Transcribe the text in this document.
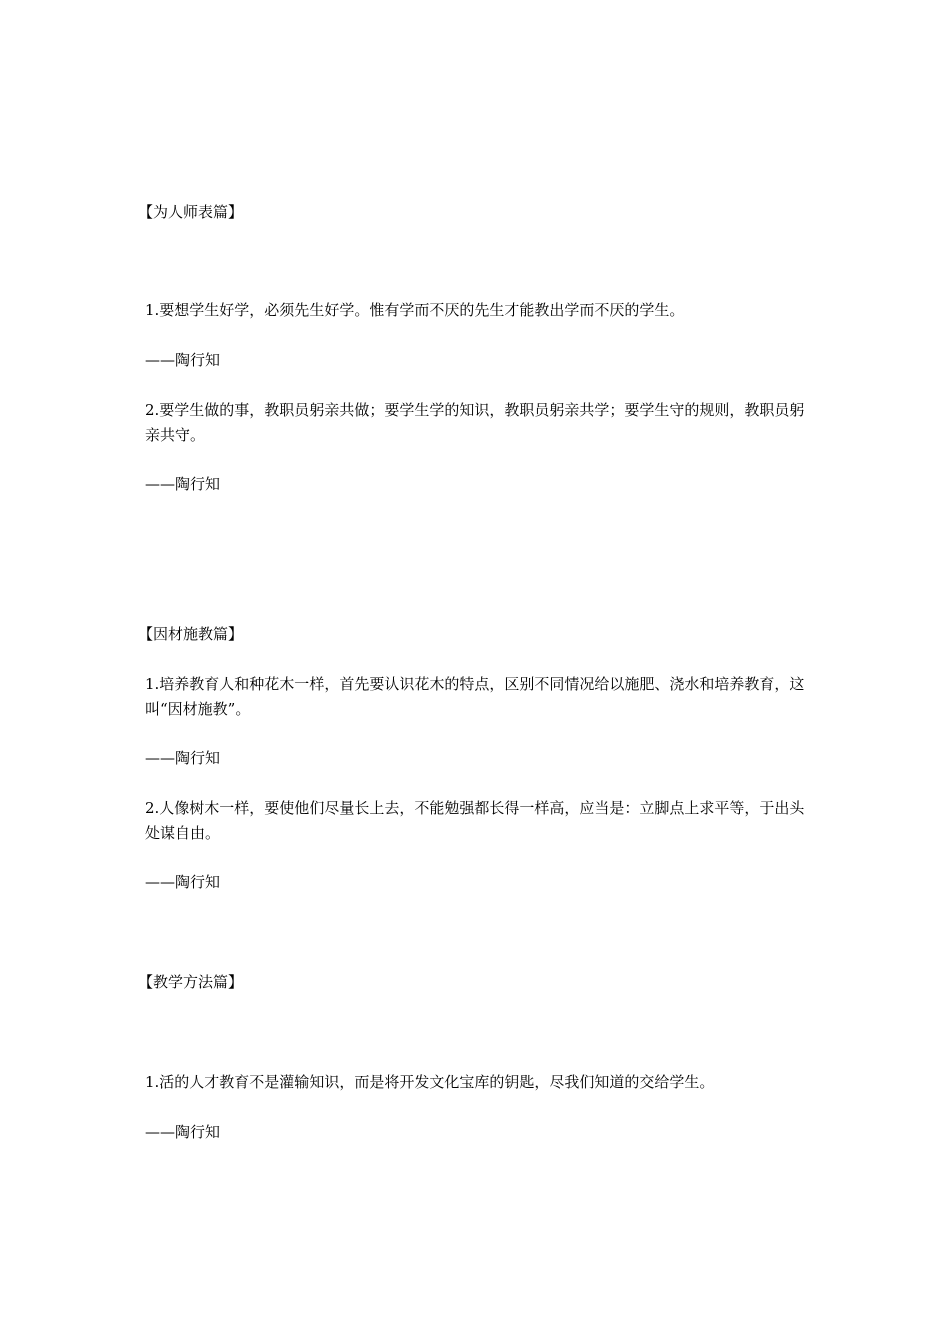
【为人师表篇】
1.要想学生好学，必须先生好学。惟有学而不厌的先生才能教出学而不厌的学生。
——陶行知
2.要学生做的事，教职员躬亲共做；要学生学的知识，教职员躬亲共学；要学生守的规则，教职员躬亲共守。
——陶行知
【因材施教篇】
1.培养教育人和种花木一样，首先要认识花木的特点，区别不同情况给以施肥、浇水和培养教育，这叫“因材施教”。
——陶行知
2.人像树木一样，要使他们尽量长上去，不能勉强都长得一样高，应当是：立脚点上求平等，于出头处谋自由。
——陶行知
【教学方法篇】
1.活的人才教育不是灌输知识，而是将开发文化宝库的钥匙，尽我们知道的交给学生。
——陶行知
